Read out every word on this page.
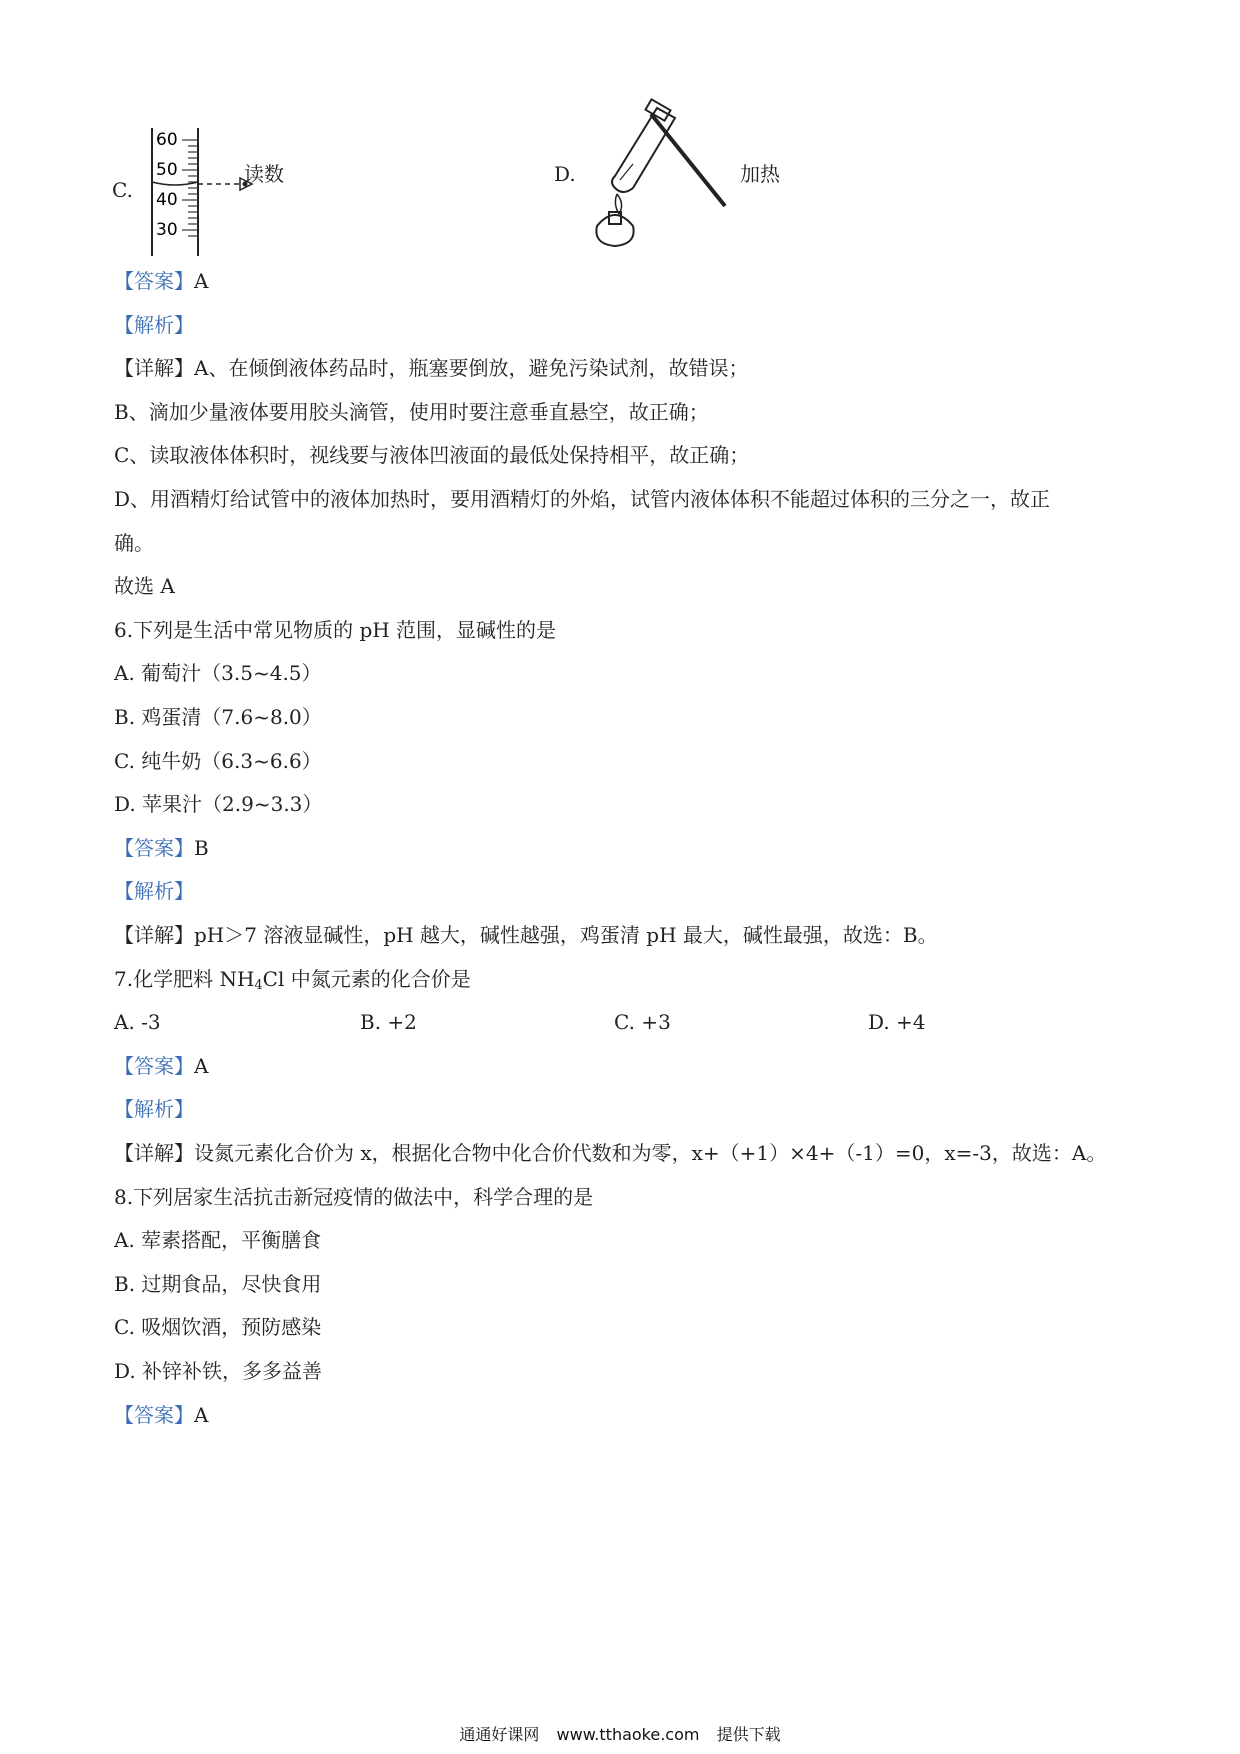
C.
60
50
40
30
读数	D.	加热
【答案】A
【解析】
【详解】A、在倾倒液体药品时，瓶塞要倒放，避免污染试剂，故错误；
B、滴加少量液体要用胶头滴管，使用时要注意垂直悬空，故正确；
C、读取液体体积时，视线要与液体凹液面的最低处保持相平，故正确；
D、用酒精灯给试管中的液体加热时，要用酒精灯的外焰，试管内液体体积不能超过体积的三分之一，故正
确。
故选 A
6.下列是生活中常见物质的 pH 范围，显碱性的是
A. 葡萄汁（3.5~4.5）
B. 鸡蛋清（7.6~8.0）
C. 纯牛奶（6.3~6.6）
D. 苹果汁（2.9~3.3）
【答案】B
【解析】
【详解】pH＞7 溶液显碱性，pH 越大，碱性越强，鸡蛋清 pH 最大，碱性最强，故选：B。
7.化学肥料 $NH_4Cl$ 中氮元素的化合价是
A. -3	B. +2	C. +3	D. +4
【答案】A
【解析】
【详解】设氮元素化合价为 x，根据化合物中化合价代数和为零，x+（+1）×4+（-1）=0，x=-3，故选：A。
8.下列居家生活抗击新冠疫情的做法中，科学合理的是
A. 荤素搭配，平衡膳食
B. 过期食品，尽快食用
C. 吸烟饮酒，预防感染
D. 补锌补铁，多多益善
【答案】A
通通好课网 www.tthaoke.com 提供下载
